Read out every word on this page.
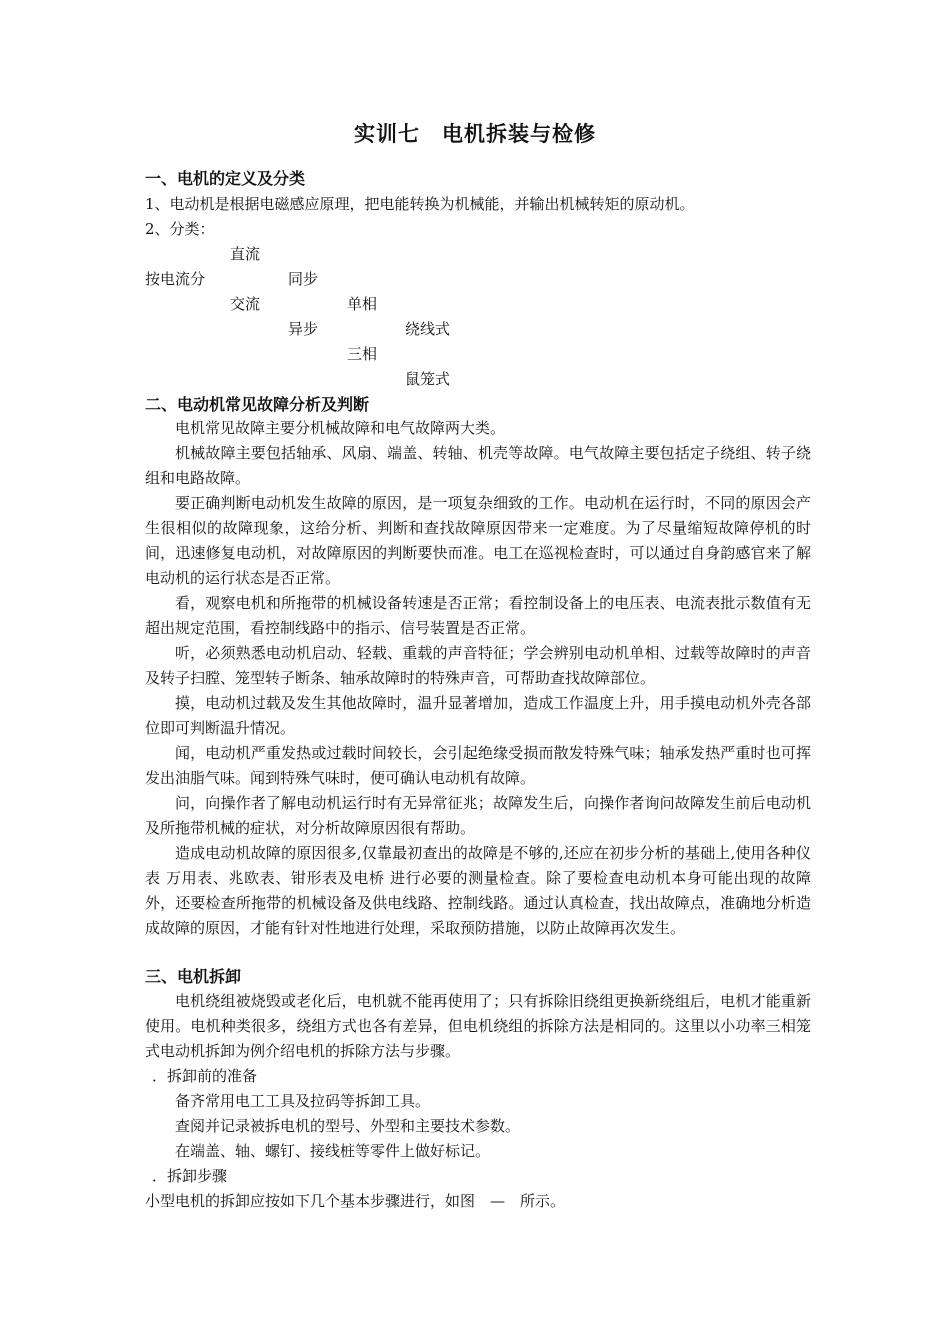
实训七　电机拆装与检修
一、电机的定义及分类
1、电动机是根据电磁感应原理，把电能转换为机械能，并输出机械转矩的原动机。
2、分类：
直流
按电流分	同步
交流	单相
异步	绕线式
三相
鼠笼式
二、电动机常见故障分析及判断

电机常见故障主要分机械故障和电气故障两大类。

机械故障主要包括轴承、风扇、端盖、转轴、机壳等故障。电气故障主要包括定子绕组、转子绕组和电路故障。

要正确判断电动机发生故障的原因，是一项复杂细致的工作。电动机在运行时，不同的原因会产生很相似的故障现象，这给分析、判断和查找故障原因带来一定难度。为了尽量缩短故障停机的时间，迅速修复电动机，对故障原因的判断要快而准。电工在巡视检查时，可以通过自身韵感官来了解电动机的运行状态是否正常。

看，观察电机和所拖带的机械设备转速是否正常；看控制设备上的电压表、电流表批示数值有无超出规定范围，看控制线路中的指示、信号装置是否正常。

听，必须熟悉电动机启动、轻载、重载的声音特征；学会辨别电动机单相、过载等故障时的声音及转子扫膛、笼型转子断条、轴承故障时的特殊声音，可帮助查找故障部位。

摸，电动机过载及发生其他故障时，温升显著增加，造成工作温度上升，用手摸电动机外壳各部位即可判断温升情况。

闻，电动机严重发热或过载时间较长，会引起绝缘受损而散发特殊气味；轴承发热严重时也可挥发出油脂气味。闻到特殊气味时，便可确认电动机有故障。

问，向操作者了解电动机运行时有无异常征兆；故障发生后，向操作者询问故障发生前后电动机及所拖带机械的症状，对分析故障原因很有帮助。

造成电动机故障的原因很多,仅靠最初查出的故障是不够的,还应在初步分析的基础上,使用各种仪表 万用表、兆欧表、钳形表及电桥 进行必要的测量检查。除了要检查电动机本身可能出现的故障外，还要检查所拖带的机械设备及供电线路、控制线路。通过认真检查，找出故障点，准确地分析造成故障的原因，才能有针对性地进行处理，采取预防措施，以防止故障再次发生。

三、电机拆卸

电机绕组被烧毁或老化后，电机就不能再使用了；只有拆除旧绕组更换新绕组后，电机才能重新使用。电机种类很多，绕组方式也各有差异，但电机绕组的拆除方法是相同的。这里以小功率三相笼式电动机拆卸为例介绍电机的拆除方法与步骤。

．拆卸前的准备
备齐常用电工工具及拉码等拆卸工具。
查阅并记录被拆电机的型号、外型和主要技术参数。
在端盖、轴、螺钉、接线桩等零件上做好标记。
．拆卸步骤
小型电机的拆卸应按如下几个基本步骤进行，如图　—　所示。
